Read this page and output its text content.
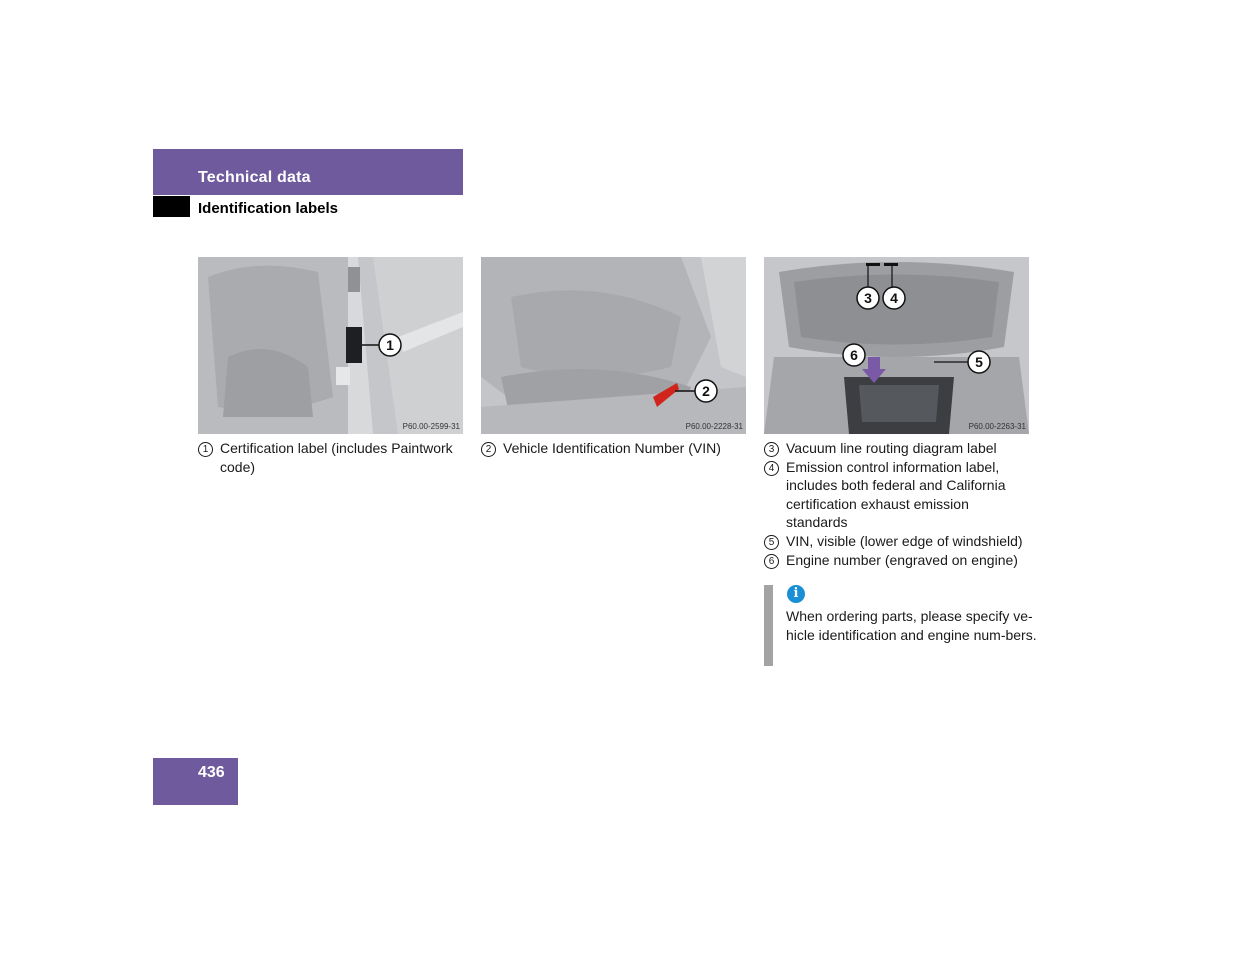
Technical data
Identification labels
1
P60.00-2599-31
2
P60.00-2228-31
3 4
5
6
P60.00-2263-31
1 Certification label (includes Paintwork code)
2 Vehicle Identification Number (VIN)	3 Vacuum line routing diagram label
4 Emission control information label, includes both federal and California certification exhaust emission standards
5 VIN, visible (lower edge of windshield)
6 Engine number (engraved on engine)
i
When ordering parts, please specify ve-hicle identification and engine num-bers.
436
